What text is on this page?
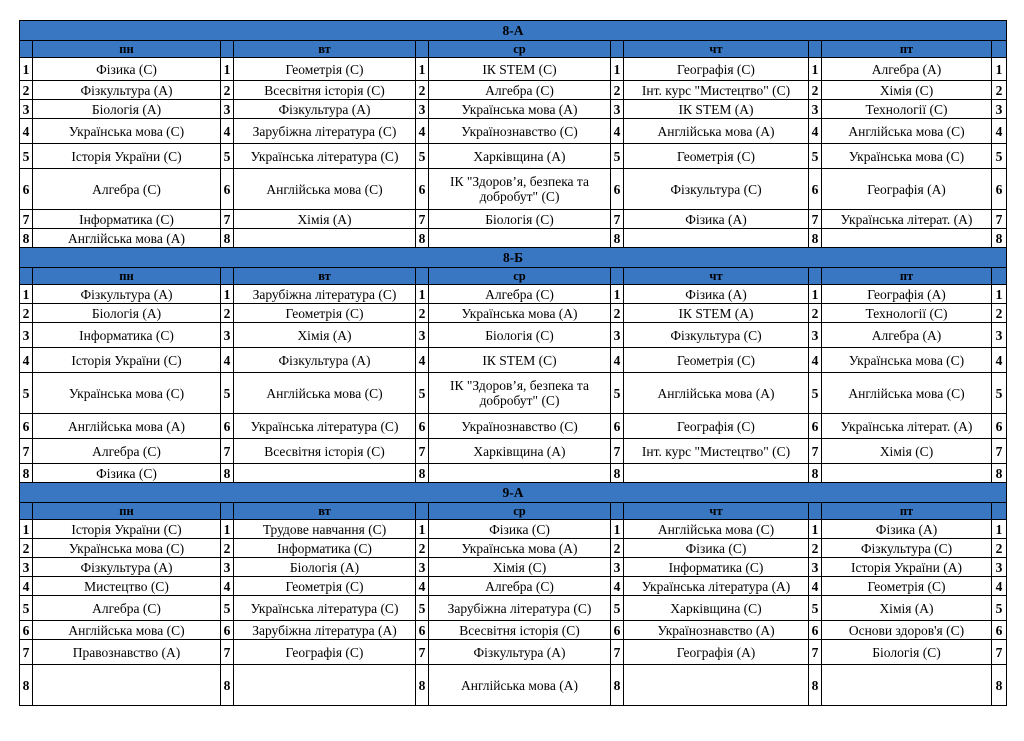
8-А										
	пн		вт		ср		чт		пт	
1	Фізика (С)	1	Геометрія (С)	1	ІК STEM (С)	1	Географія (С)	1	Алгебра (А)	1
2	Фізкультура (А)	2	Всесвітня історія (С)	2	Алгебра (С)	2	Інт. курс "Мистецтво" (С)	2	Хімія (С)	2
3	Біологія (А)	3	Фізкультура (А)	3	Українська мова (А)	3	ІК STEM (А)	3	Технології (С)	3
4	Українська мова (С)	4	Зарубіжна література (С)	4	Українознавство (С)	4	Англійська мова (А)	4	Англійська мова (С)	4
5	Історія України (С)	5	Українська література (С)	5	Харківщина (А)	5	Геометрія (С)	5	Українська мова (С)	5
6	Алгебра (С)	6	Англійська мова (С)	6	ІК "Здоров’я, безпека та добробут" (С)	6	Фізкультура (С)	6	Географія (А)	6
7	Інформатика (С)	7	Хімія (А)	7	Біологія (С)	7	Фізика (А)	7	Українська літерат. (А)	7
8	Англійська мова (А)	8		8		8		8		8
8-Б										
	пн		вт		ср		чт		пт	
1	Фізкультура (А)	1	Зарубіжна література (С)	1	Алгебра (С)	1	Фізика (А)	1	Географія (А)	1
2	Біологія (А)	2	Геометрія (С)	2	Українська мова (А)	2	ІК STEM (А)	2	Технології (С)	2
3	Інформатика (С)	3	Хімія (А)	3	Біологія (С)	3	Фізкультура (С)	3	Алгебра (А)	3
4	Історія України (С)	4	Фізкультура (А)	4	ІК STEM (С)	4	Геометрія (С)	4	Українська мова (С)	4
5	Українська мова (С)	5	Англійська мова (С)	5	ІК "Здоров’я, безпека та добробут" (С)	5	Англійська мова (А)	5	Англійська мова (С)	5
6	Англійська мова (А)	6	Українська література (С)	6	Українознавство (С)	6	Географія (С)	6	Українська літерат. (А)	6
7	Алгебра (С)	7	Всесвітня історія (С)	7	Харківщина (А)	7	Інт. курс "Мистецтво" (С)	7	Хімія (С)	7
8	Фізика (С)	8		8		8		8		8
9-А										
	пн		вт		ср		чт		пт	
1	Історія України (С)	1	Трудове навчання (С)	1	Фізика (С)	1	Англійська мова (С)	1	Фізика (А)	1
2	Українська мова (С)	2	Інформатика (С)	2	Українська мова (А)	2	Фізика (С)	2	Фізкультура (С)	2
3	Фізкультура (А)	3	Біологія (А)	3	Хімія (С)	3	Інформатика (С)	3	Історія України (А)	3
4	Мистецтво (С)	4	Геометрія (С)	4	Алгебра (С)	4	Українська література (А)	4	Геометрія (С)	4
5	Алгебра (С)	5	Українська література (С)	5	Зарубіжна література (С)	5	Харківщина (С)	5	Хімія (А)	5
6	Англійська мова (С)	6	Зарубіжна література (А)	6	Всесвітня історія (С)	6	Українознавство (А)	6	Основи здоров'я (С)	6
7	Правознавство (А)	7	Географія (С)	7	Фізкультура (А)	7	Географія (А)	7	Біологія (С)	7
8		8		8	Англійська мова (А)	8		8		8
